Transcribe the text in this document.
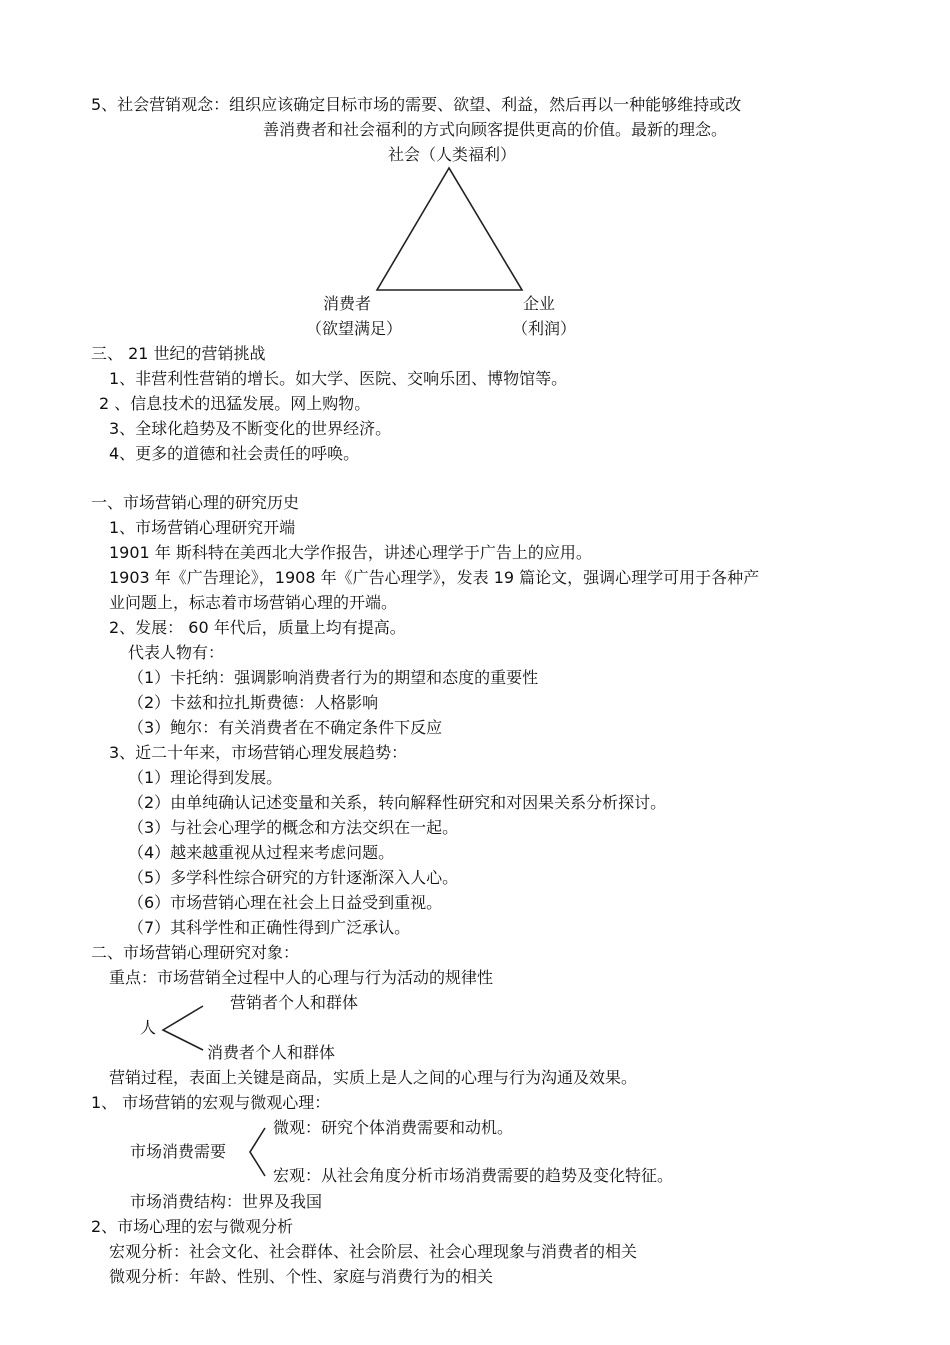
5、社会营销观念：组织应该确定目标市场的需要、欲望、利益，然后再以一种能够维持或改
善消费者和社会福利的方式向顾客提供更高的价值。最新的理念。
社会（人类福利）
消费者
（欲望满足）
企业
（利润）
三、 21 世纪的营销挑战
1、非营利性营销的增长。如大学、医院、交响乐团、博物馆等。
2 、信息技术的迅猛发展。网上购物。
3、全球化趋势及不断变化的世界经济。
4、更多的道德和社会责任的呼唤。
一、市场营销心理的研究历史
1、市场营销心理研究开端
1901 年 斯科特在美西北大学作报告，讲述心理学于广告上的应用。
1903 年《广告理论》，1908 年《广告心理学》，发表 19 篇论文，强调心理学可用于各种产
业问题上，标志着市场营销心理的开端。
2、发展： 60 年代后，质量上均有提高。
代表人物有：
（1）卡托纳：强调影响消费者行为的期望和态度的重要性
（2）卡兹和拉扎斯费德：人格影响
（3）鲍尔：有关消费者在不确定条件下反应
3、近二十年来，市场营销心理发展趋势：
（1）理论得到发展。
（2）由单纯确认记述变量和关系，转向解释性研究和对因果关系分析探讨。
（3）与社会心理学的概念和方法交织在一起。
（4）越来越重视从过程来考虑问题。
（5）多学科性综合研究的方针逐渐深入人心。
（6）市场营销心理在社会上日益受到重视。
（7）其科学性和正确性得到广泛承认。
二、市场营销心理研究对象：
重点：市场营销全过程中人的心理与行为活动的规律性
营销者个人和群体
人
消费者个人和群体
营销过程，表面上关键是商品，实质上是人之间的心理与行为沟通及效果。
1、 市场营销的宏观与微观心理：
微观：研究个体消费需要和动机。
市场消费需要
宏观：从社会角度分析市场消费需要的趋势及变化特征。
市场消费结构：世界及我国
2、市场心理的宏与微观分析
宏观分析：社会文化、社会群体、社会阶层、社会心理现象与消费者的相关
微观分析：年龄、性别、个性、家庭与消费行为的相关
